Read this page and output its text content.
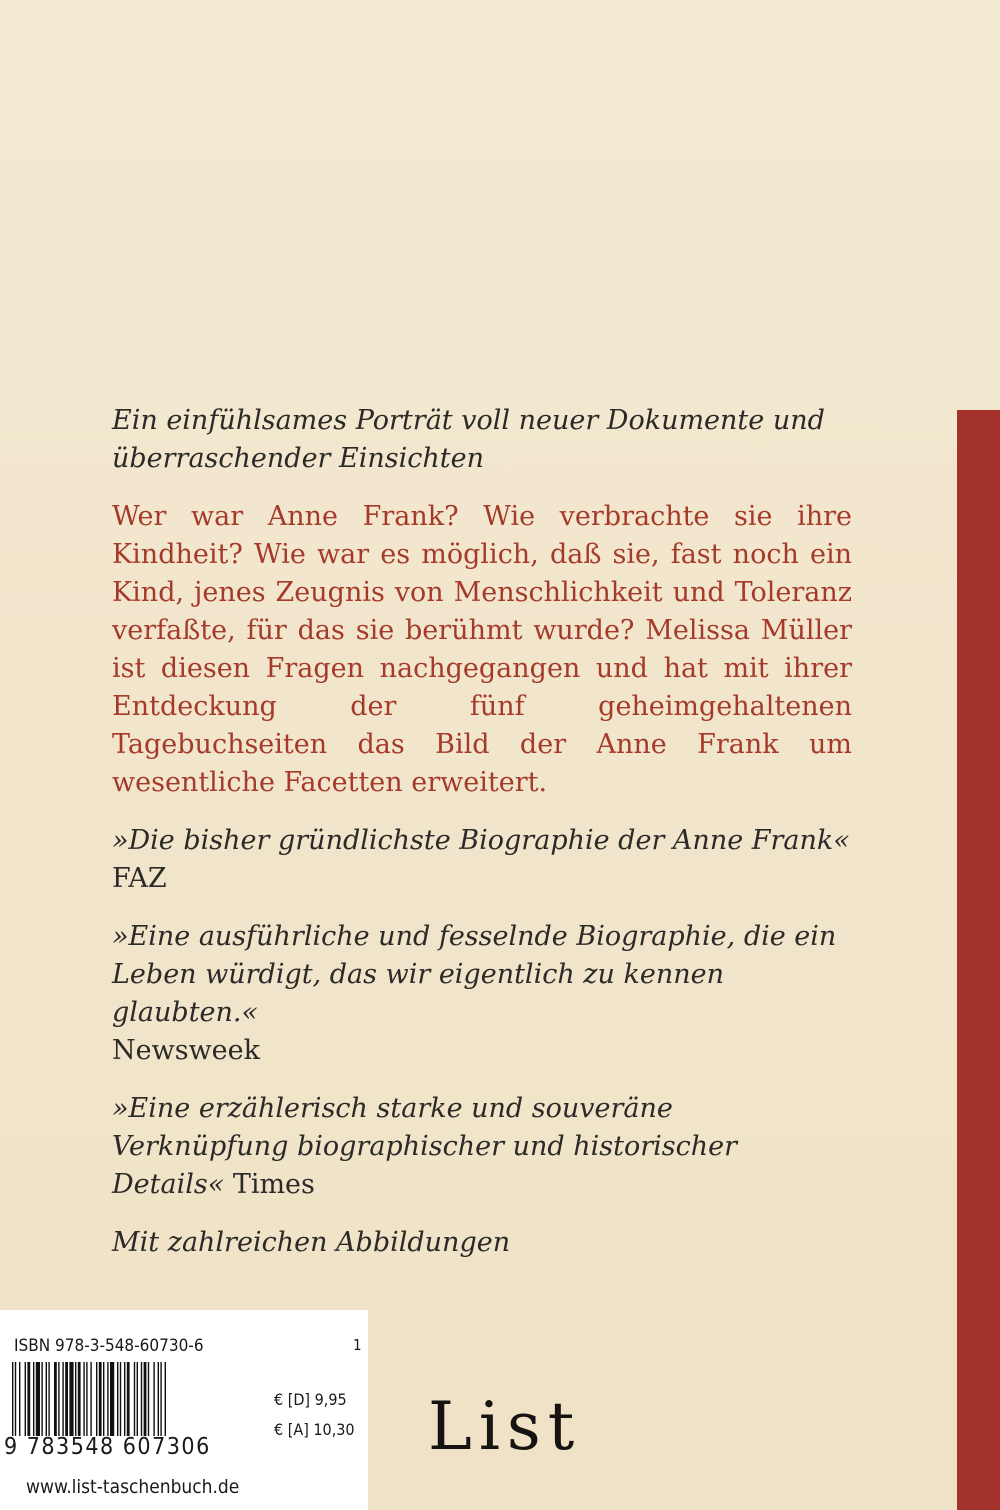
Ein einfühlsames Porträt voll neuer Dokumente und überraschender Einsichten

Wer war Anne Frank? Wie verbrachte sie ihre Kindheit? Wie war es möglich, daß sie, fast noch ein Kind, jenes Zeugnis von Menschlichkeit und Toleranz verfaßte, für das sie berühmt wurde? Melissa Müller ist diesen Fragen nachgegangen und hat mit ihrer Entdeckung der fünf geheimgehaltenen Tagebuchseiten das Bild der Anne Frank um wesentliche Facetten erweitert.

»Die bisher gründlichste Biographie der Anne Frank«
FAZ

»Eine ausführliche und fesselnde Biographie, die ein Leben würdigt, das wir eigentlich zu kennen glaubten.«
Newsweek

»Eine erzählerisch starke und souveräne Verknüpfung biographischer und historischer Details« Times

Mit zahlreichen Abbildungen

ISBN 978-3-548-60730-6	1
9 783548 607306
€ [D] 9,95
€ [A] 10,30
www.list-taschenbuch.de
List
